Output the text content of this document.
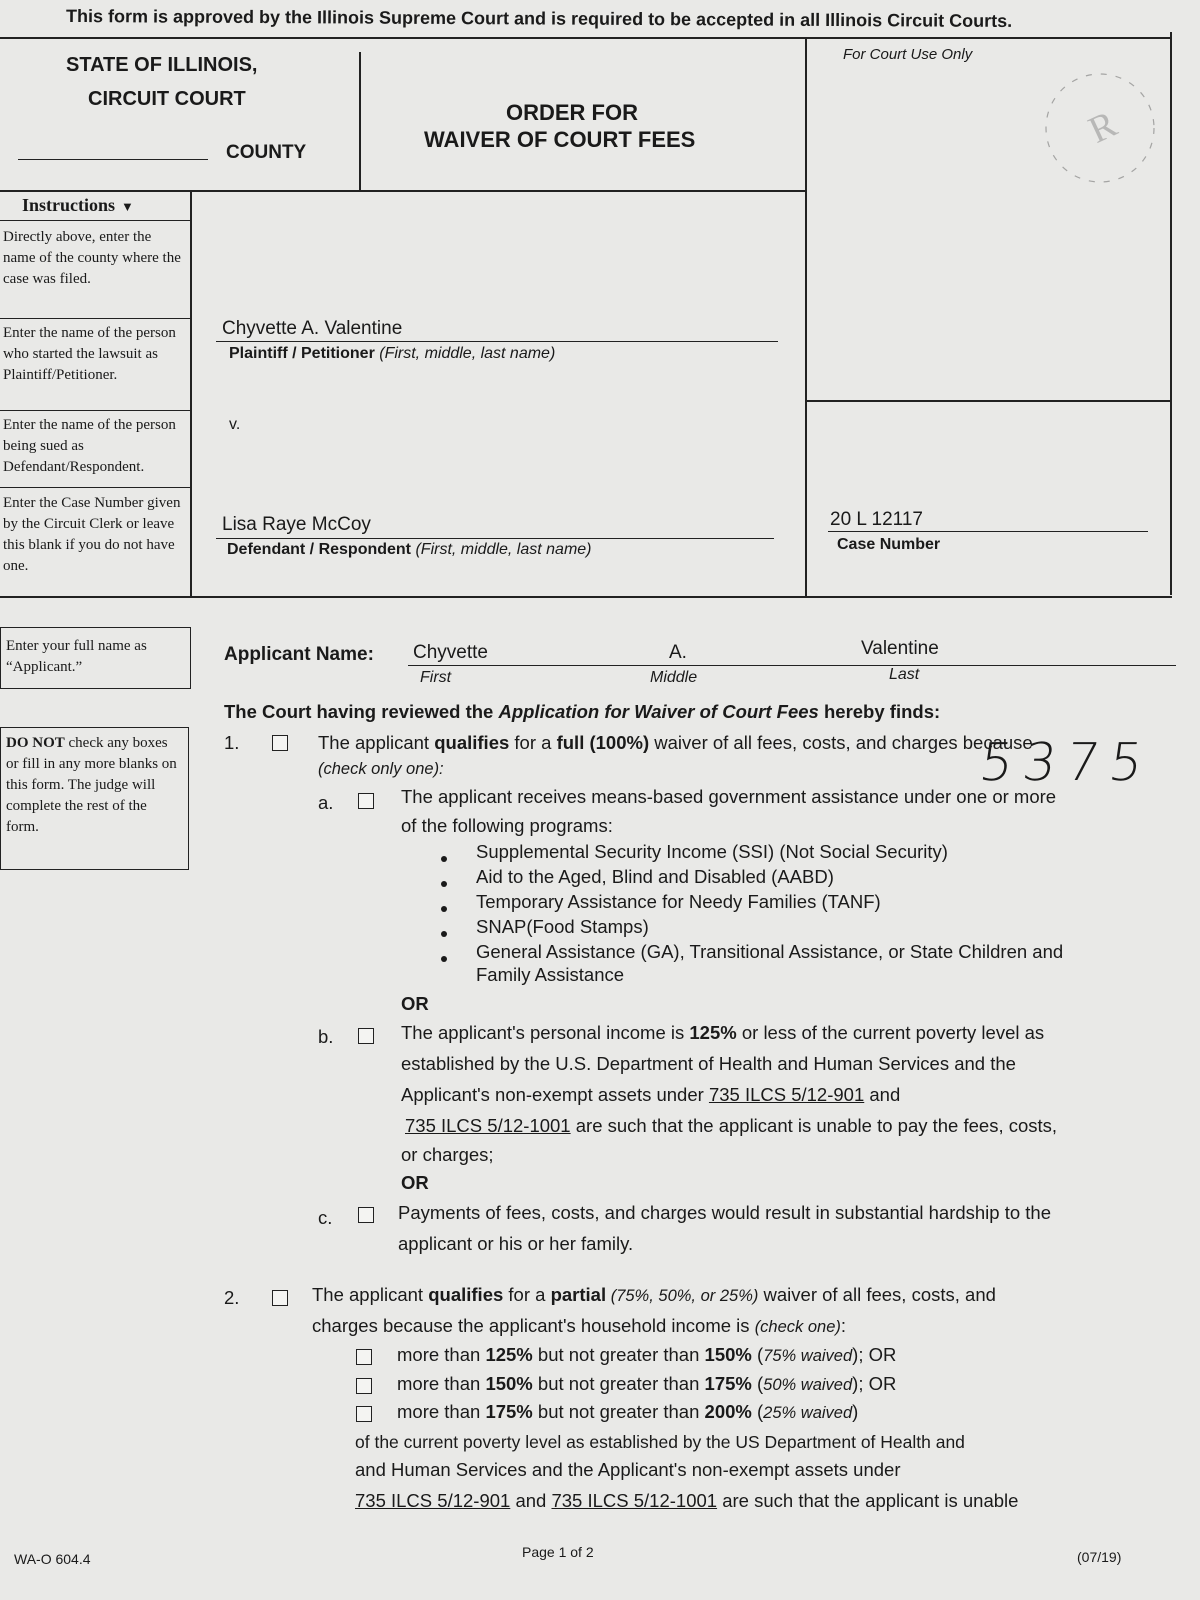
This form is approved by the Illinois Supreme Court and is required to be accepted in all Illinois Circuit Courts.
STATE OF ILLINOIS,
CIRCUIT COURT
COUNTY
ORDER FOR
WAIVER OF COURT FEES
For Court Use Only
R
Instructions ▼
Directly above, enter the name of the county where the case was filed.
Enter the name of the person who started the lawsuit as Plaintiff/Petitioner.
Enter the name of the person being sued as Defendant/Respondent.
Enter the Case Number given by the Circuit Clerk or leave this blank if you do not have one.
Chyvette A. Valentine
Plaintiff / Petitioner (First, middle, last name)
v.
Lisa Raye McCoy
Defendant / Respondent (First, middle, last name)
20 L 12117
Case Number
Enter your full name as “Applicant.”
Applicant Name: Chyvette	A.	Valentine
First	Middle	Last
The Court having reviewed the Application for Waiver of Court Fees hereby finds:
DO NOT check any boxes or fill in any more blanks on this form. The judge will complete the rest of the form.
1.	The applicant qualifies for a full (100%) waiver of all fees, costs, and charges because
(check only one):	5375
a.	The applicant receives means-based government assistance under one or more
of the following programs:
Supplemental Security Income (SSI) (Not Social Security)
Aid to the Aged, Blind and Disabled (AABD)
Temporary Assistance for Needy Families (TANF)
SNAP(Food Stamps)
General Assistance (GA), Transitional Assistance, or State Children and
Family Assistance
OR
b.	The applicant's personal income is 125% or less of the current poverty level as
established by the U.S. Department of Health and Human Services and the
Applicant's non-exempt assets under 735 ILCS 5/12-901 and
735 ILCS 5/12-1001 are such that the applicant is unable to pay the fees, costs,
or charges;
OR
c.	Payments of fees, costs, and charges would result in substantial hardship to the
applicant or his or her family.
2.	The applicant qualifies for a partial (75%, 50%, or 25%) waiver of all fees, costs, and
charges because the applicant's household income is (check one):
more than 125% but not greater than 150% (75% waived); OR
more than 150% but not greater than 175% (50% waived); OR
more than 175% but not greater than 200% (25% waived)
of the current poverty level as established by the US Department of Health and
and Human Services and the Applicant's non-exempt assets under
735 ILCS 5/12-901 and 735 ILCS 5/12-1001 are such that the applicant is unable
WA-O 604.4	Page 1 of 2	(07/19)
